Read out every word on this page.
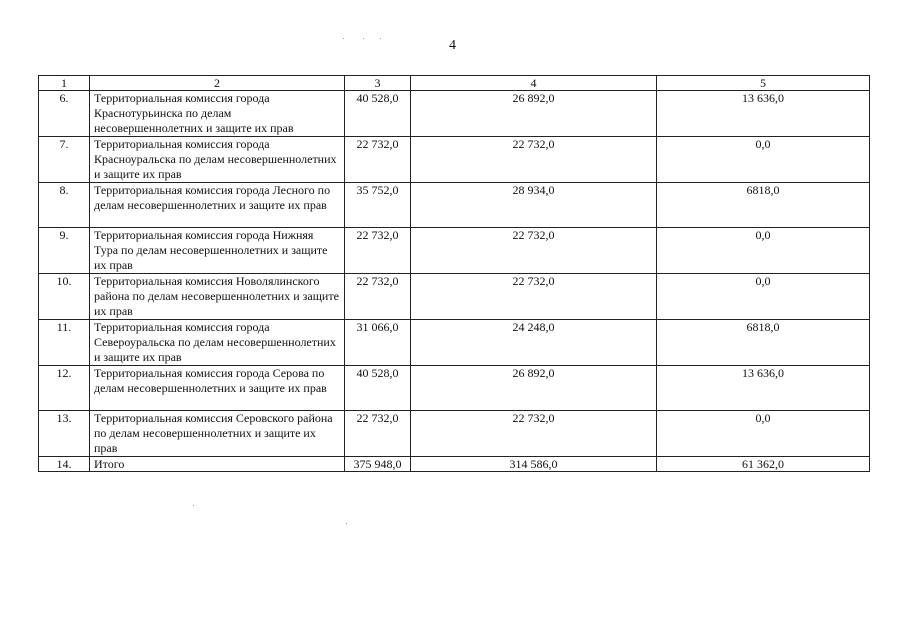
4
1	2	3	4	5
6.	Территориальная комиссия города Краснотурьинска по делам несовершеннолетних и защите их прав	40 528,0	26 892,0	13 636,0
7.	Территориальная комиссия города Красноуральска по делам несовершеннолетних и защите их прав	22 732,0	22 732,0	0,0
8.	Территориальная комиссия города Лесного по делам несовершеннолетних и защите их прав	35 752,0	28 934,0	6818,0
9.	Территориальная комиссия города Нижняя Тура по делам несовершеннолетних и защите их прав	22 732,0	22 732,0	0,0
10.	Территориальная комиссия Новолялинского района по делам несовершеннолетних и защите их прав	22 732,0	22 732,0	0,0
11.	Территориальная комиссия города Североуральска по делам несовершеннолетних и защите их прав	31 066,0	24 248,0	6818,0
12.	Территориальная комиссия города Серова по делам несовершеннолетних и защите их прав	40 528,0	26 892,0	13 636,0
13.	Территориальная комиссия Серовского района по делам несовершеннолетних и защите их прав	22 732,0	22 732,0	0,0
14.	Итого	375 948,0	314 586,0	61 362,0
